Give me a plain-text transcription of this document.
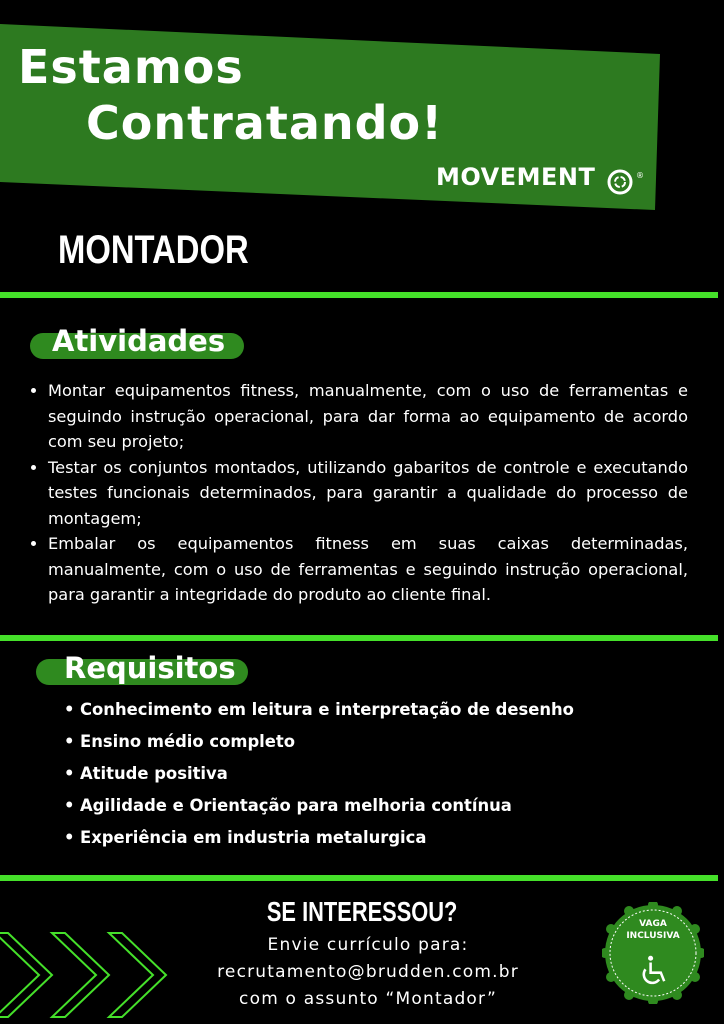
Estamos
Contratando!
MOVEMENT	®
MONTADOR
Atividades
• Montar equipamentos fitness, manualmente, com o uso de ferramentas e seguindo instrução operacional, para dar forma ao equipamento de acordo com seu projeto;
• Testar os conjuntos montados, utilizando gabaritos de controle e executando testes funcionais determinados, para garantir a qualidade do processo de montagem;
• Embalar os equipamentos fitness em suas caixas determinadas, manualmente, com o uso de ferramentas e seguindo instrução operacional, para garantir a integridade do produto ao cliente final.
Requisitos
• Conhecimento em leitura e interpretação de desenho
• Ensino médio completo
• Atitude positiva
• Agilidade e Orientação para melhoria contínua
• Experiência em industria metalurgica
SE INTERESSOU?
Envie currículo para:
recrutamento@brudden.com.br
com o assunto “Montador”
VAGA
INCLUSIVA
